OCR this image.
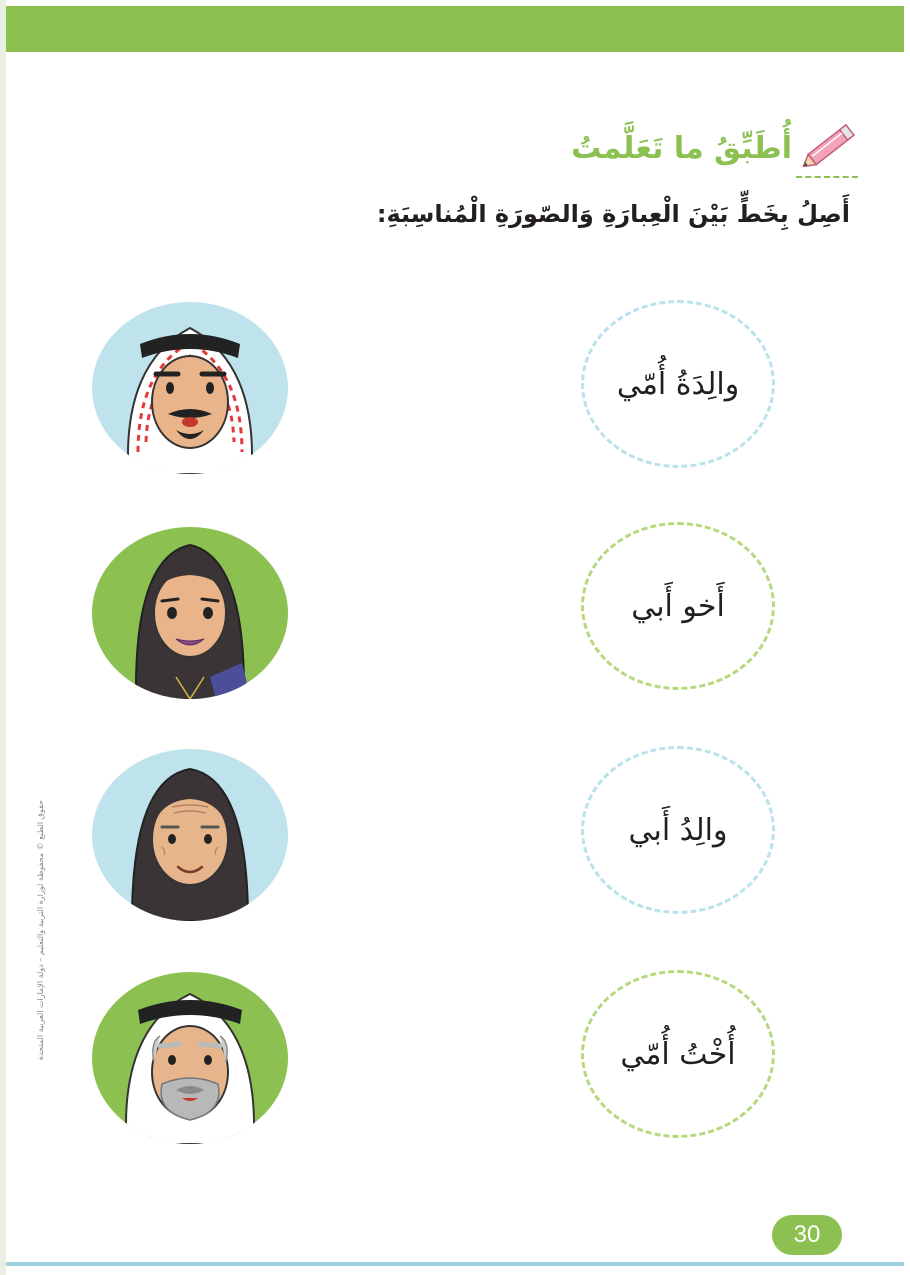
أُطَبِّقُ ما تَعَلَّمتُ
أَصِلُ بِخَطٍّ بَيْنَ الْعِبارَةِ وَالصّورَةِ الْمُناسِبَةِ:
والِدَةُ أُمّي
أَخو أَبي
والِدُ أَبي
أُخْتُ أُمّي
حقوق الطبع © محفوظة لوزارة التربية والتعليم – دولة الإمارات العربية المتحدة
30
